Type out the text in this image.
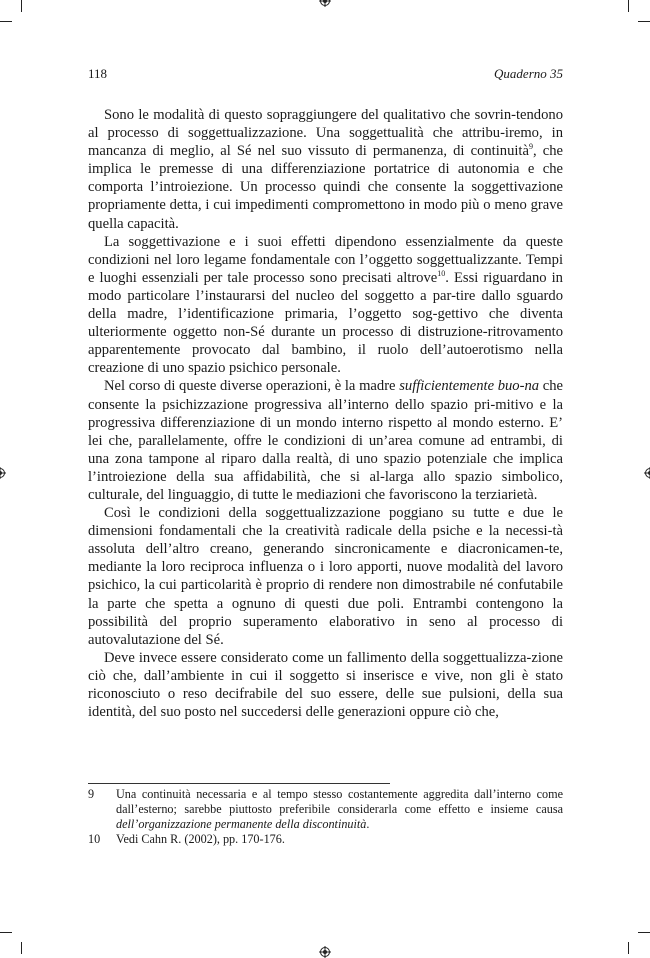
118	Quaderno 35

Sono le modalità di questo sopraggiungere del qualitativo che sovrin-tendono al processo di soggettualizzazione. Una soggettualità che attribu-iremo, in mancanza di meglio, al Sé nel suo vissuto di permanenza, di continuità$^9$, che implica le premesse di una differenziazione portatrice di autonomia e che comporta l’introiezione. Un processo quindi che consente la soggettivazione propriamente detta, i cui impedimenti compromettono in modo più o meno grave quella capacità.

La soggettivazione e i suoi effetti dipendono essenzialmente da queste condizioni nel loro legame fondamentale con l’oggetto soggettualizzante. Tempi e luoghi essenziali per tale processo sono precisati altrove$^{10}$. Essi riguardano in modo particolare l’instaurarsi del nucleo del soggetto a par-tire dallo sguardo della madre, l’identificazione primaria, l’oggetto sog-gettivo che diventa ulteriormente oggetto non-Sé durante un processo di distruzione-ritrovamento apparentemente provocato dal bambino, il ruolo dell’autoerotismo nella creazione di uno spazio psichico personale.

Nel corso di queste diverse operazioni, è la madre sufficientemente buo-na che consente la psichizzazione progressiva all’interno dello spazio pri-mitivo e la progressiva differenziazione di un mondo interno rispetto al mondo esterno. E’ lei che, parallelamente, offre le condizioni di un’area comune ad entrambi, di una zona tampone al riparo dalla realtà, di uno spazio potenziale che implica l’introiezione della sua affidabilità, che si al-larga allo spazio simbolico, culturale, del linguaggio, di tutte le mediazioni che favoriscono la terziarietà.

Così le condizioni della soggettualizzazione poggiano su tutte e due le dimensioni fondamentali che la creatività radicale della psiche e la necessi-tà assoluta dell’altro creano, generando sincronicamente e diacronicamen-te, mediante la loro reciproca influenza o i loro apporti, nuove modalità del lavoro psichico, la cui particolarità è proprio di rendere non dimostrabile né confutabile la parte che spetta a ognuno di questi due poli. Entrambi contengono la possibilità del proprio superamento elaborativo in seno al processo di autovalutazione del Sé.

Deve invece essere considerato come un fallimento della soggettualizza-zione ciò che, dall’ambiente in cui il soggetto si inserisce e vive, non gli è stato riconosciuto o reso decifrabile del suo essere, delle sue pulsioni, della sua identità, del suo posto nel succedersi delle generazioni oppure ciò che,

9	Una continuità necessaria e al tempo stesso costantemente aggredita dall’interno come dall’esterno; sarebbe piuttosto preferibile considerarla come effetto e insieme causa dell’organizzazione permanente della discontinuità.
10	Vedi Cahn R. (2002), pp. 170-176.
